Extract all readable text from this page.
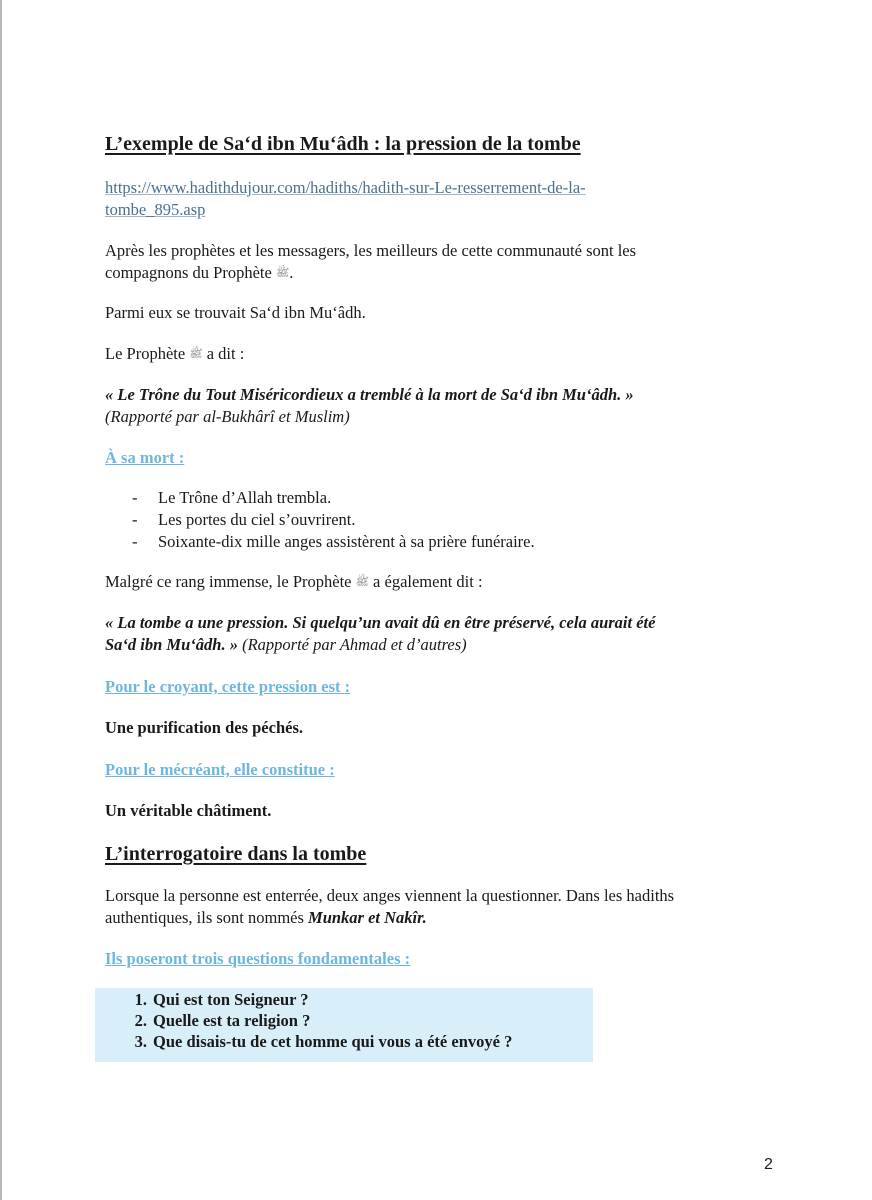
L’exemple de Sa‘d ibn Mu‘âdh : la pression de la tombe
https://www.hadithdujour.com/hadiths/hadith-sur-Le-resserrement-de-la-
tombe_895.asp
Après les prophètes et les messagers, les meilleurs de cette communauté sont les
compagnons du Prophète ﷺ.
Parmi eux se trouvait Sa‘d ibn Mu‘âdh.
Le Prophète ﷺ a dit :
« Le Trône du Tout Miséricordieux a tremblé à la mort de Sa‘d ibn Mu‘âdh. »
(Rapporté par al-Bukhârî et Muslim)
À sa mort :
- Le Trône d’Allah trembla.
- Les portes du ciel s’ouvrirent.
- Soixante-dix mille anges assistèrent à sa prière funéraire.
Malgré ce rang immense, le Prophète ﷺ a également dit :
« La tombe a une pression. Si quelqu’un avait dû en être préservé, cela aurait été
Sa‘d ibn Mu‘âdh. » (Rapporté par Ahmad et d’autres)
Pour le croyant, cette pression est :
Une purification des péchés.
Pour le mécréant, elle constitue :
Un véritable châtiment.
L’interrogatoire dans la tombe
Lorsque la personne est enterrée, deux anges viennent la questionner. Dans les hadiths
authentiques, ils sont nommés Munkar et Nakîr.
Ils poseront trois questions fondamentales :
1. Qui est ton Seigneur ?
2. Quelle est ta religion ?
3. Que disais-tu de cet homme qui vous a été envoyé ?
2
